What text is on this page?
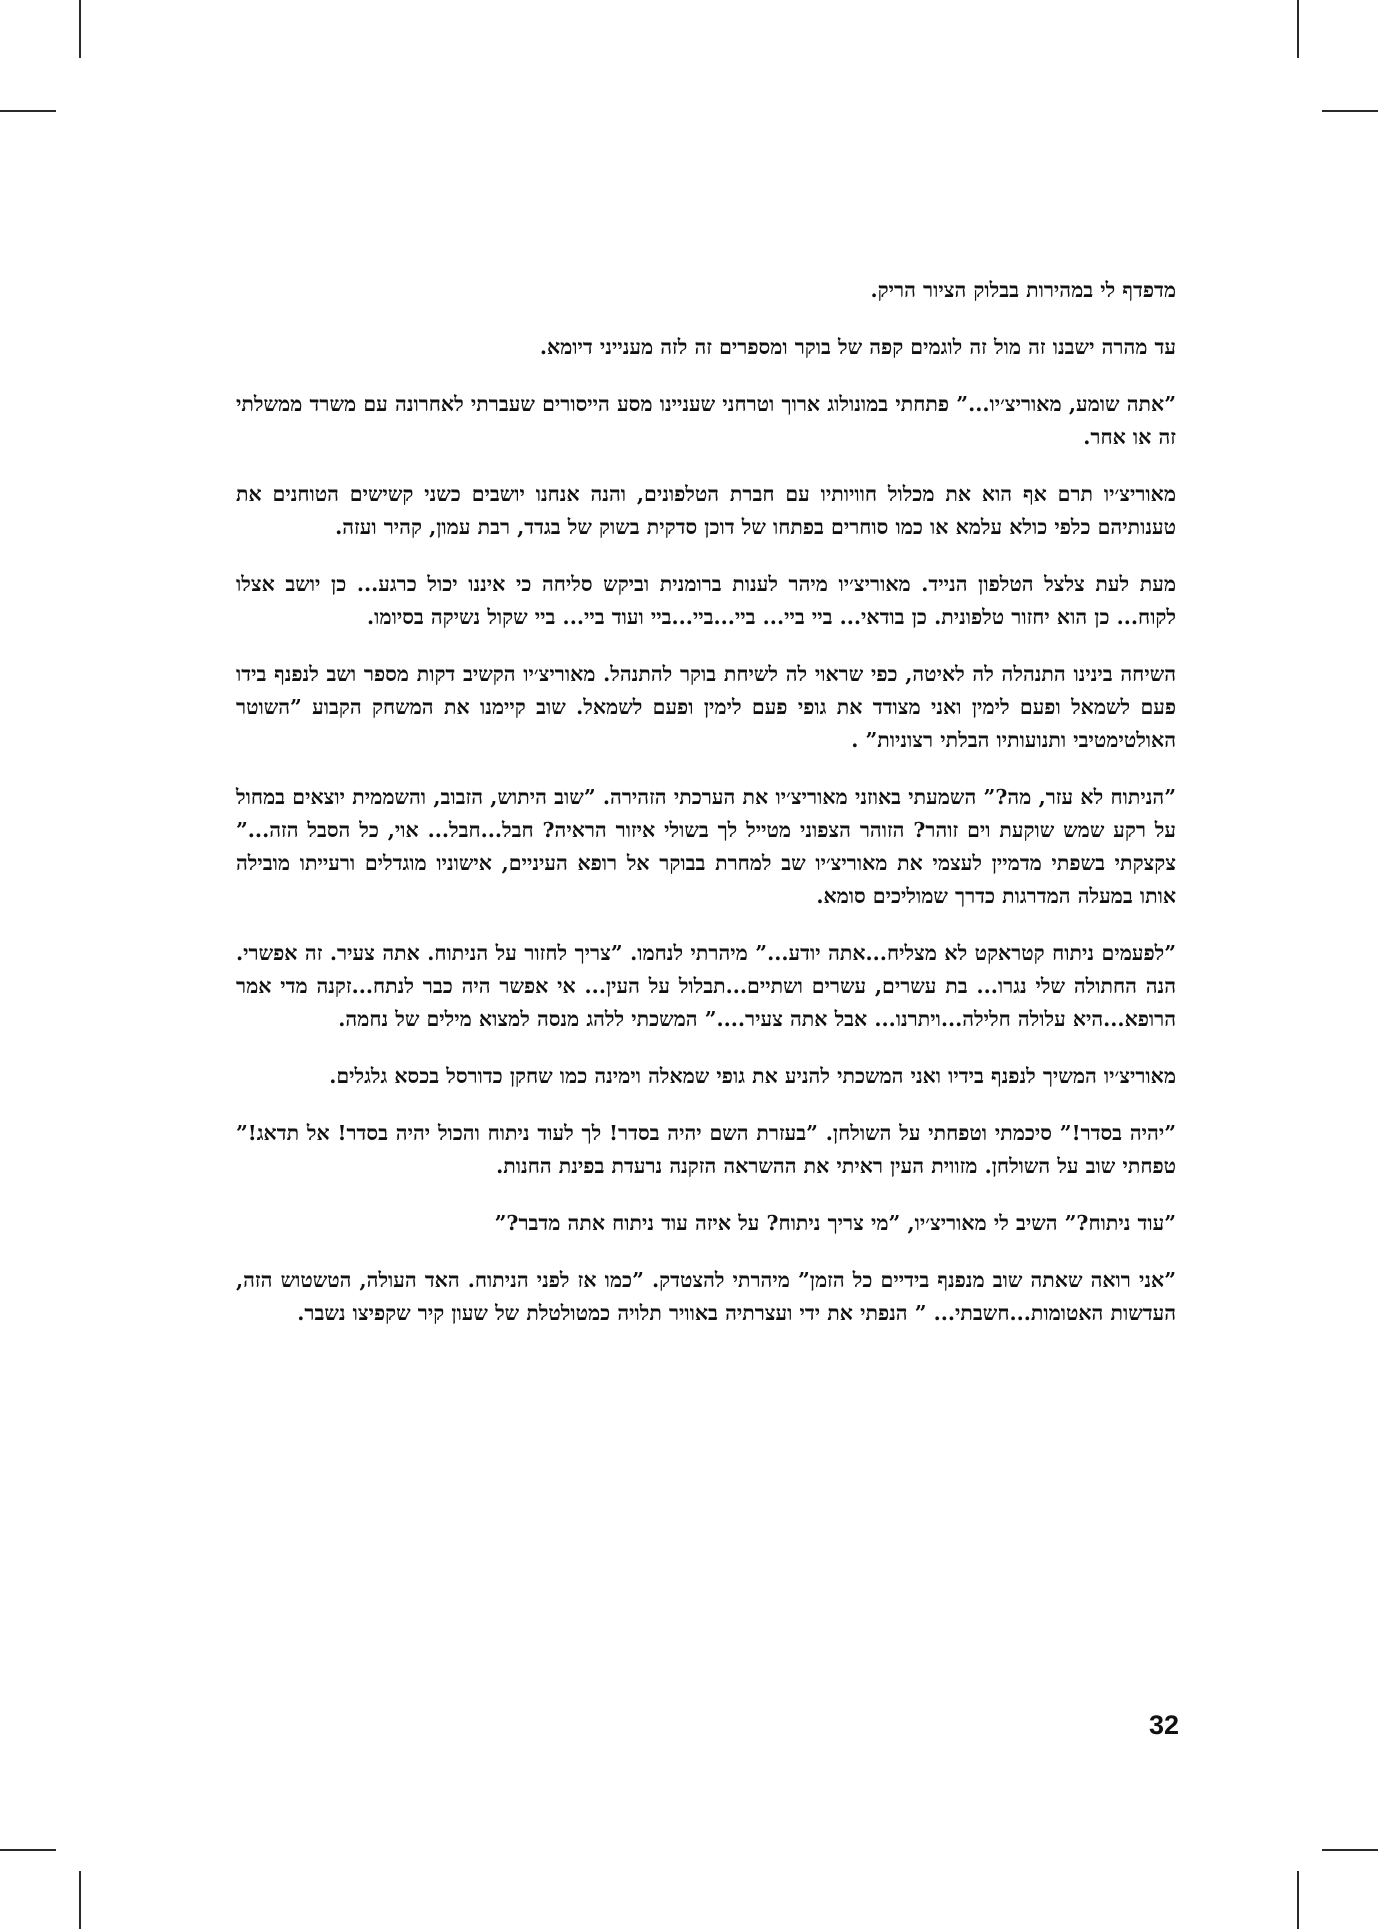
מדפדף לי במהירות בבלוק הציור הריק.

עד מהרה ישבנו זה מול זה לוגמים קפה של בוקר ומספרים זה לזה מענייני דיומא.

”אתה שומע, מאוריצ׳יו...” פתחתי במונולוג ארוך וטרחני שעניינו מסע הייסורים שעברתי לאחרונה עם משרד ממשלתי זה או אחר.

מאוריצ׳יו תרם אף הוא את מכלול חוויותיו עם חברת הטלפונים, והנה אנחנו יושבים כשני קשישים הטוחנים את טענותיהם כלפי כולא עלמא או כמו סוחרים בפתחו של דוכן סדקית בשוק של בגדד, רבת עמון, קהיר ועזה.

מעת לעת צלצל הטלפון הנייד. מאוריצ׳יו מיהר לענות ברומנית וביקש סליחה כי איננו יכול כרגע... כן יושב אצלו לקוח... כן הוא יחזור טלפונית. כן בודאי... ביי ביי... ביי...ביי...ביי ועוד ביי... ביי שקול נשיקה בסיומו.

השיחה בינינו התנהלה לה לאיטה, כפי שראוי לה לשיחת בוקר להתנהל. מאוריצ׳יו הקשיב דקות מספר ושב לנפנף בידו פעם לשמאל ופעם לימין ואני מצודד את גופי פעם לימין ופעם לשמאל. שוב קיימנו את המשחק הקבוע ”השוטר האולטימטיבי ותנועותיו הבלתי רצוניות” .

”הניתוח לא עזר, מה?” השמעתי באוזני מאוריצ׳יו את הערכתי הזהירה. ”שוב היתוש, הזבוב, והשממית יוצאים במחול על רקע שמש שוקעת וים זוהר? הזוהר הצפוני מטייל לך בשולי איזור הראיה? חבל...חבל... אוי, כל הסבל הזה...” צקצקתי בשפתי מדמיין לעצמי את מאוריצ׳יו שב למחרת בבוקר אל רופא העיניים, אישוניו מוגדלים ורעייתו מובילה אותו במעלה המדרגות כדרך שמוליכים סומא.

”לפעמים ניתוח קטראקט לא מצליח...אתה יודע...” מיהרתי לנחמו. ”צריך לחזור על הניתוח. אתה צעיר. זה אפשרי. הנה החתולה שלי נגרו... בת עשרים, עשרים ושתיים...תבלול על העין... אי אפשר היה כבר לנתח...זקנה מדי אמר הרופא...היא עלולה חלילה...ויתרנו... אבל אתה צעיר....” המשכתי ללהג מנסה למצוא מילים של נחמה.

מאוריצ׳יו המשיך לנפנף בידיו ואני המשכתי להניע את גופי שמאלה וימינה כמו שחקן כדורסל בכסא גלגלים.

”יהיה בסדר!” סיכמתי וטפחתי על השולחן. ”בעזרת השם יהיה בסדר! לך לעוד ניתוח והכול יהיה בסדר! אל תדאג!” טפחתי שוב על השולחן. מזווית העין ראיתי את ההשראה הזקנה נרעדת בפינת החנות.

”עוד ניתוח?” השיב לי מאוריצ׳יו, ”מי צריך ניתוח? על איזה עוד ניתוח אתה מדבר?”

”אני רואה שאתה שוב מנפנף בידיים כל הזמן” מיהרתי להצטדק. ”כמו אז לפני הניתוח. האד העולה, הטשטוש הזה, העדשות האטומות...חשבתי... ” הנפתי את ידי ועצרתיה באוויר תלויה כמטולטלת של שעון קיר שקפיצו נשבר.

32
